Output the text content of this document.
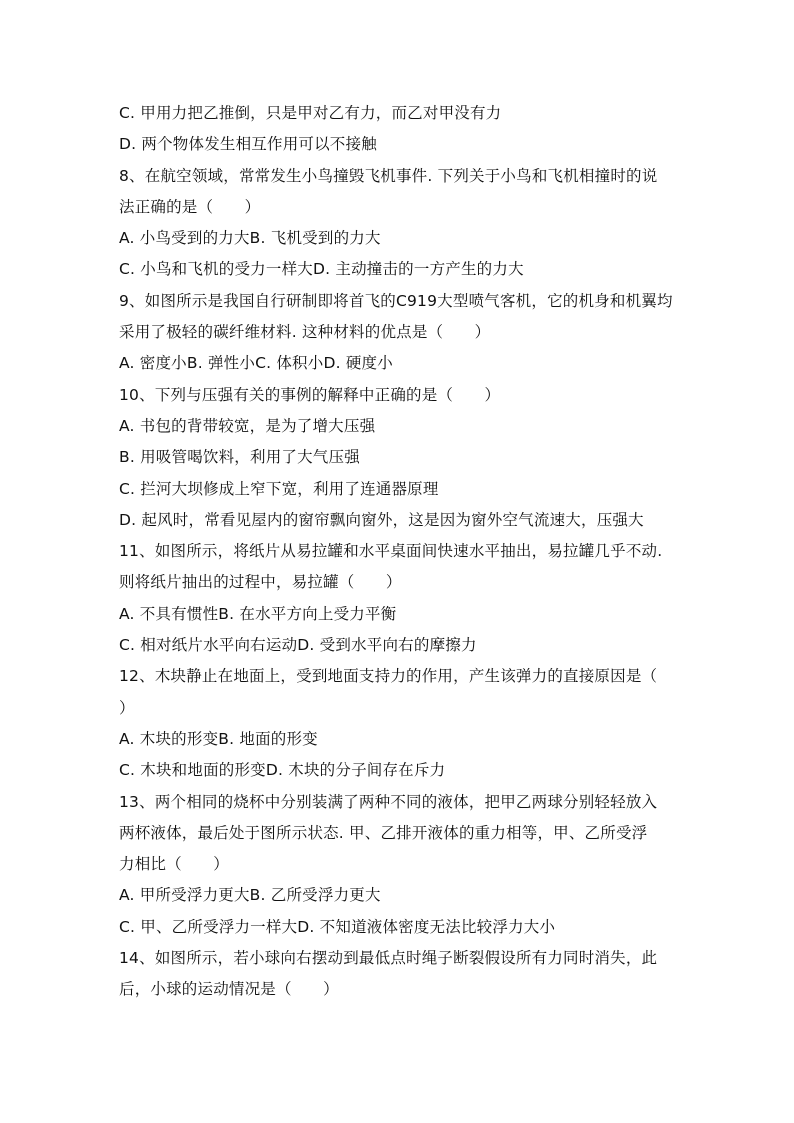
C. 甲用力把乙推倒，只是甲对乙有力，而乙对甲没有力
D. 两个物体发生相互作用可以不接触
8、在航空领域，常常发生小鸟撞毁飞机事件. 下列关于小鸟和飞机相撞时的说
法正确的是（　　）
A. 小鸟受到的力大B. 飞机受到的力大
C. 小鸟和飞机的受力一样大D. 主动撞击的一方产生的力大
9、如图所示是我国自行研制即将首飞的C919大型喷气客机，它的机身和机翼均
采用了极轻的碳纤维材料. 这种材料的优点是（　　）
A. 密度小B. 弹性小C. 体积小D. 硬度小
10、下列与压强有关的事例的解释中正确的是（　　）
A. 书包的背带较宽，是为了增大压强
B. 用吸管喝饮料，利用了大气压强
C. 拦河大坝修成上窄下宽，利用了连通器原理
D. 起风时，常看见屋内的窗帘飘向窗外，这是因为窗外空气流速大，压强大
11、如图所示，将纸片从易拉罐和水平桌面间快速水平抽出，易拉罐几乎不动.
则将纸片抽出的过程中，易拉罐（　　）
A. 不具有惯性B. 在水平方向上受力平衡
C. 相对纸片水平向右运动D. 受到水平向右的摩擦力
12、木块静止在地面上，受到地面支持力的作用，产生该弹力的直接原因是（
）
A. 木块的形变B. 地面的形变
C. 木块和地面的形变D. 木块的分子间存在斥力
13、两个相同的烧杯中分别装满了两种不同的液体，把甲乙两球分别轻轻放入
两杯液体，最后处于图所示状态. 甲、乙排开液体的重力相等，甲、乙所受浮
力相比（　　）
A. 甲所受浮力更大B. 乙所受浮力更大
C. 甲、乙所受浮力一样大D. 不知道液体密度无法比较浮力大小
14、如图所示，若小球向右摆动到最低点时绳子断裂假设所有力同时消失，此
后，小球的运动情况是（　　）
